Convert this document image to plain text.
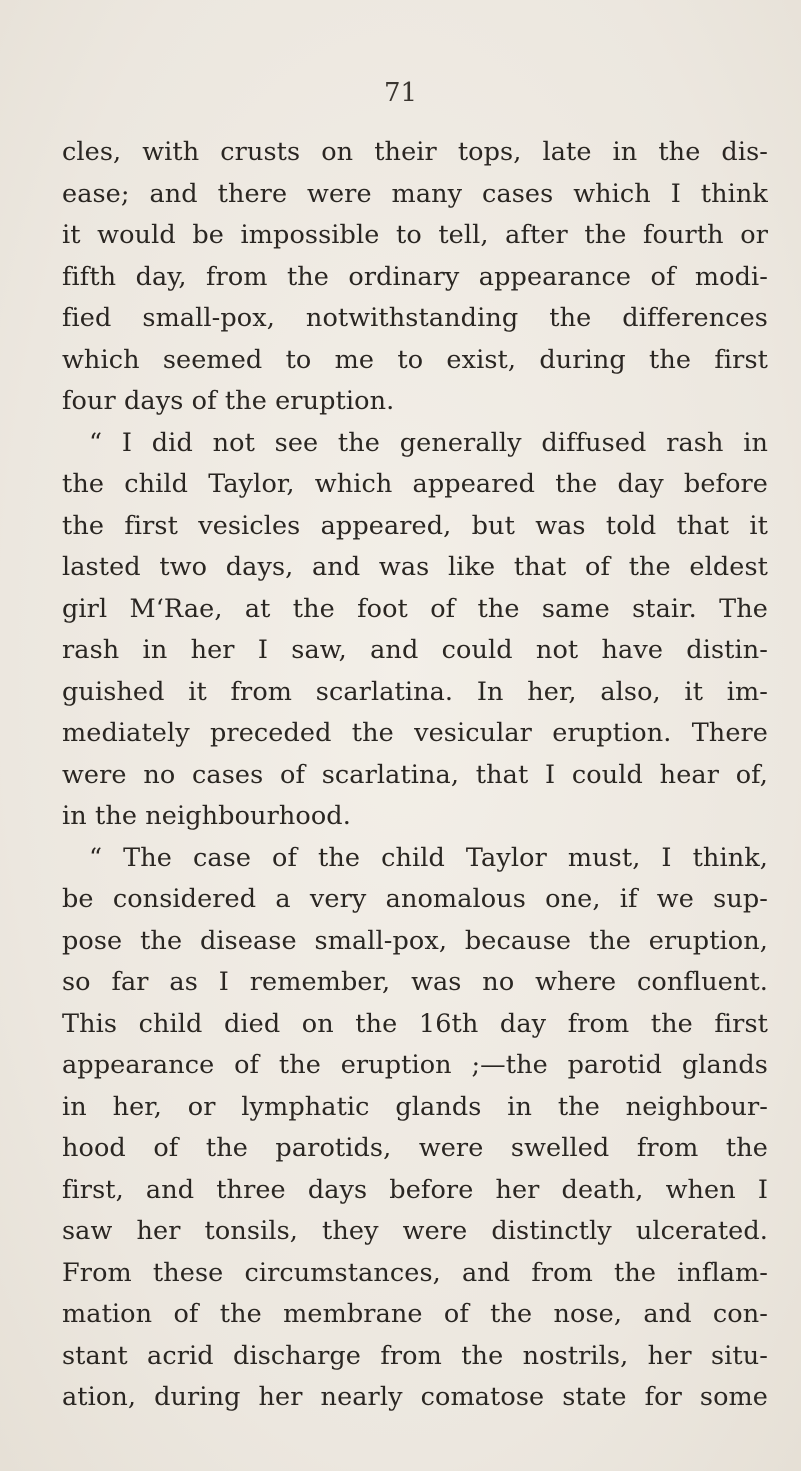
71
cles, with crusts on their tops, late in the dis-
ease; and there were many cases which I think
it would be impossible to tell, after the fourth or
fifth day, from the ordinary appearance of modi-
fied small-pox, notwithstanding the differences
which seemed to me to exist, during the first
four days of the eruption.
“ I did not see the generally diffused rash in
the child Taylor, which appeared the day before
the first vesicles appeared, but was told that it
lasted two days, and was like that of the eldest
girl M‘Rae, at the foot of the same stair. The
rash in her I saw, and could not have distin-
guished it from scarlatina. In her, also, it im-
mediately preceded the vesicular eruption. There
were no cases of scarlatina, that I could hear of,
in the neighbourhood.
“ The case of the child Taylor must, I think,
be considered a very anomalous one, if we sup-
pose the disease small-pox, because the eruption,
so far as I remember, was no where confluent.
This child died on the 16th day from the first
appearance of the eruption ;—the parotid glands
in her, or lymphatic glands in the neighbour-
hood of the parotids, were swelled from the
first, and three days before her death, when I
saw her tonsils, they were distinctly ulcerated.
From these circumstances, and from the inflam-
mation of the membrane of the nose, and con-
stant acrid discharge from the nostrils, her situ-
ation, during her nearly comatose state for some
